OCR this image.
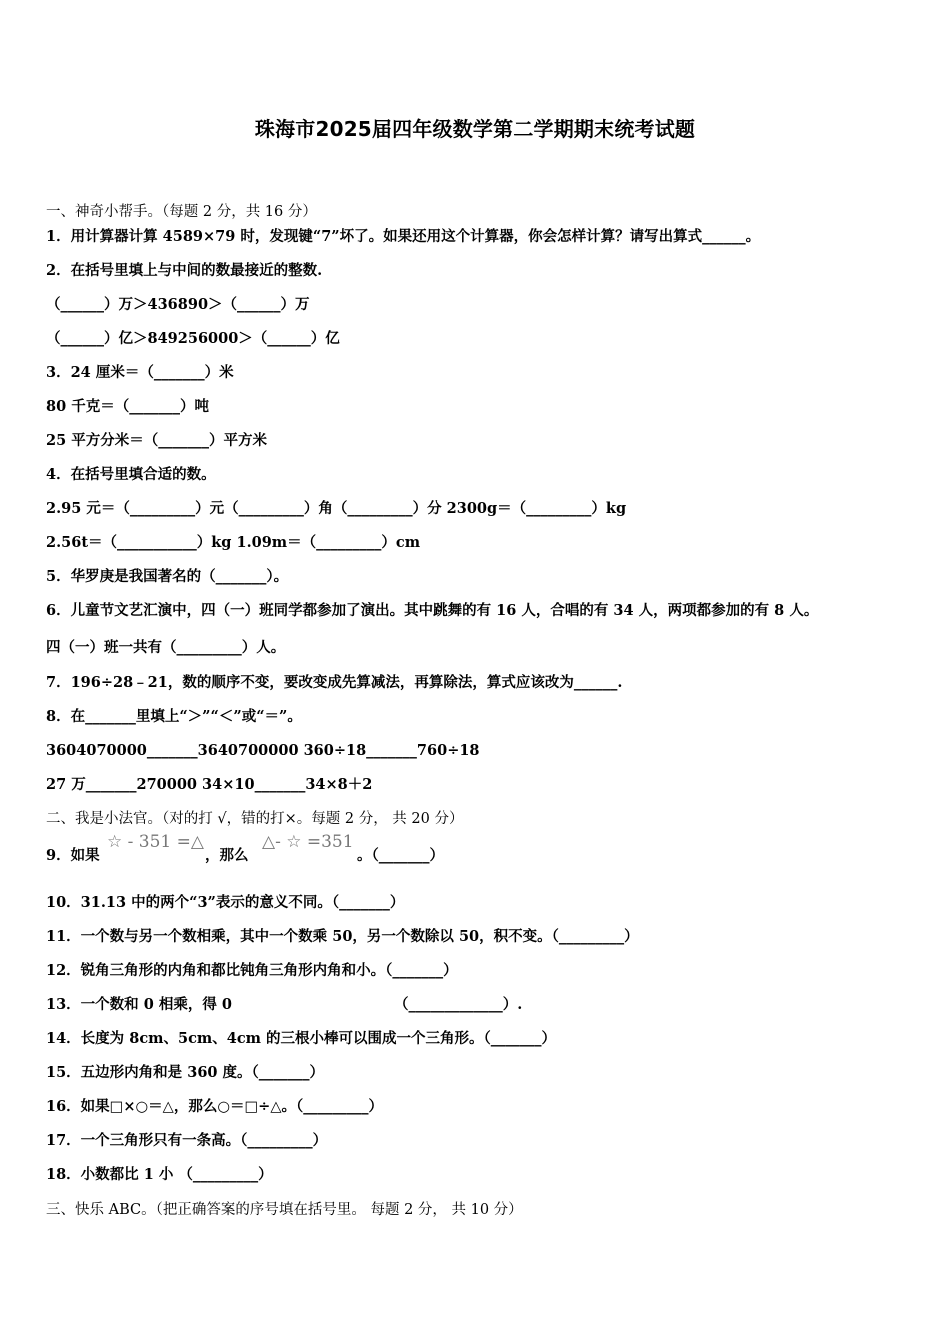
珠海市2025届四年级数学第二学期期末统考试题
一、神奇小帮手。（每题 2 分，共 16 分）
1．用计算器计算 4589×79 时，发现键“7”坏了。如果还用这个计算器，你会怎样计算？请写出算式______。
2．在括号里填上与中间的数最接近的整数.
（______）万＞436890＞（______）万
（______）亿＞849256000＞（______）亿
3．24 厘米＝（_______）米
80 千克＝（_______）吨
25 平方分米＝（_______）平方米
4．在括号里填合适的数。
2.95 元＝（_________）元（_________）角（_________）分 2300g＝（_________）kg
2.56t＝（___________）kg 1.09m＝（_________）cm
5．华罗庚是我国著名的（_______）。
6．儿童节文艺汇演中，四（一）班同学都参加了演出。其中跳舞的有 16 人，合唱的有 34 人，两项都参加的有 8 人。
四（一）班一共有（_________）人。
7．196÷28﹣21，数的顺序不变，要改变成先算减法，再算除法，算式应该改为______.
8．在_______里填上“＞”“＜”或“＝”。
3604070000_______3640700000 360÷18_______760÷18
27 万_______270000 34×10_______34×8＋2
二、我是小法官。（对的打 √，错的打×。每题 2 分， 共 20 分）
9．如果
☆ - 351 =△
，那么
△- ☆ =351
。（_______）
10．31.13 中的两个“3”表示的意义不同。（_______）
11．一个数与另一个数相乘，其中一个数乘 50，另一个数除以 50，积不变。（_________）
12．锐角三角形的内角和都比钝角三角形内角和小。（_______）
13．一个数和 0 相乘，得 0	（_____________）.
14．长度为 8cm、5cm、4cm 的三根小棒可以围成一个三角形。（_______）
15．五边形内角和是 360 度。（_______）
16．如果□×○＝△，那么○＝□÷△。（_________）
17．一个三角形只有一条高。（_________）
18．小数都比 1 小 （_________）
三、快乐 ABC。（把正确答案的序号填在括号里。 每题 2 分， 共 10 分）
